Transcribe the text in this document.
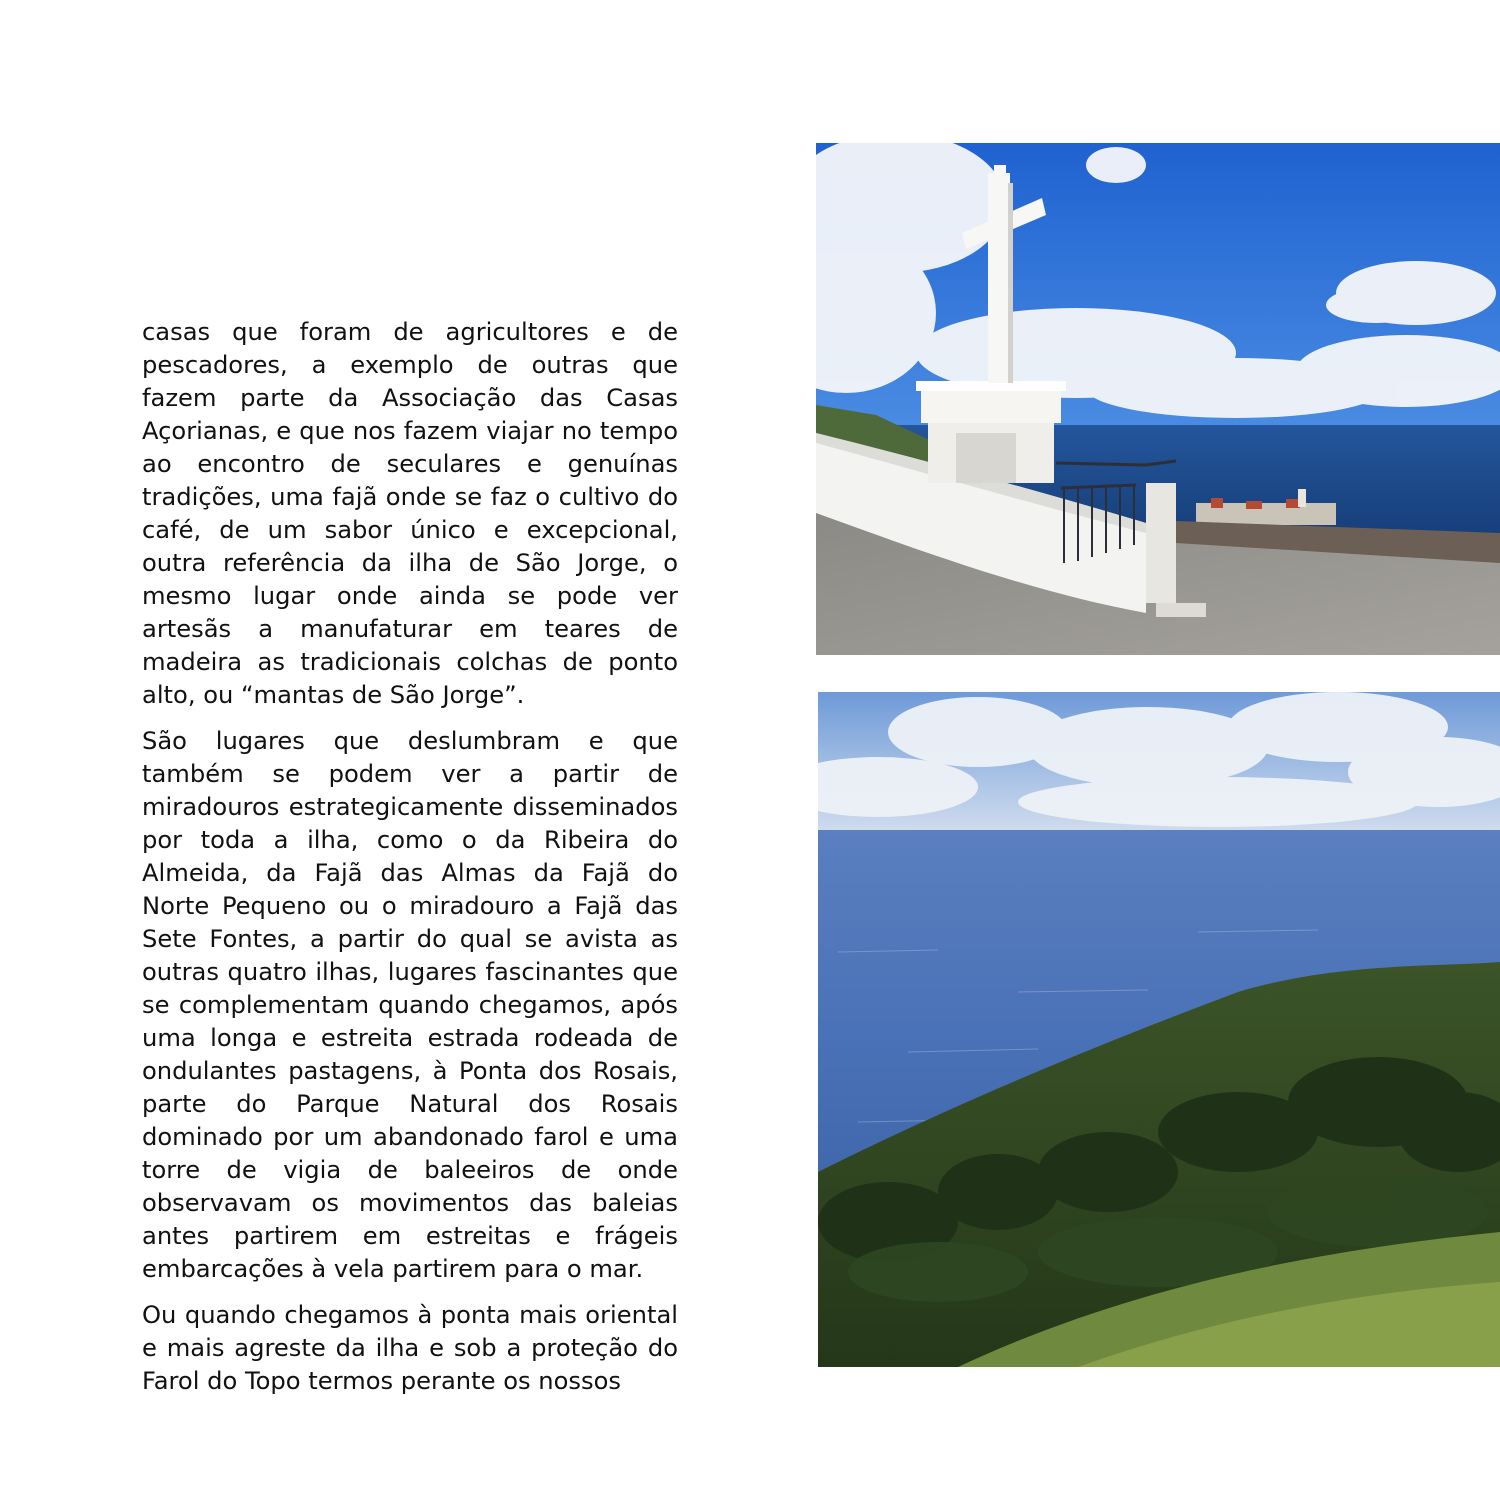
casas que foram de agricultores e de pescadores, a exemplo de outras que fazem parte da Associação das Casas Açorianas, e que nos fazem viajar no tempo ao encontro de seculares e genuínas tradições, uma fajã onde se faz o cultivo do café, de um sabor único e excepcional, outra referência da ilha de São Jorge, o mesmo lugar onde ainda se pode ver artesãs a manufaturar em teares de madeira as tradicionais colchas de ponto alto, ou “mantas de São Jorge”.

São lugares que deslumbram e que também se podem ver a partir de miradouros estrategicamente disseminados por toda a ilha, como o da Ribeira do Almeida, da Fajã das Almas da Fajã do Norte Pequeno ou o miradouro a Fajã das Sete Fontes, a partir do qual se avista as outras quatro ilhas, lugares fascinantes que se complementam quando chegamos, após uma longa e estreita estrada rodeada de ondulantes pastagens, à Ponta dos Rosais, parte do Parque Natural dos Rosais dominado por um abandonado farol e uma torre de vigia de baleeiros de onde observavam os movimentos das baleias antes partirem em estreitas e frágeis embarcações à vela partirem para o mar.

Ou quando chegamos à ponta mais oriental e mais agreste da ilha e sob a proteção do Farol do Topo termos perante os nossos
